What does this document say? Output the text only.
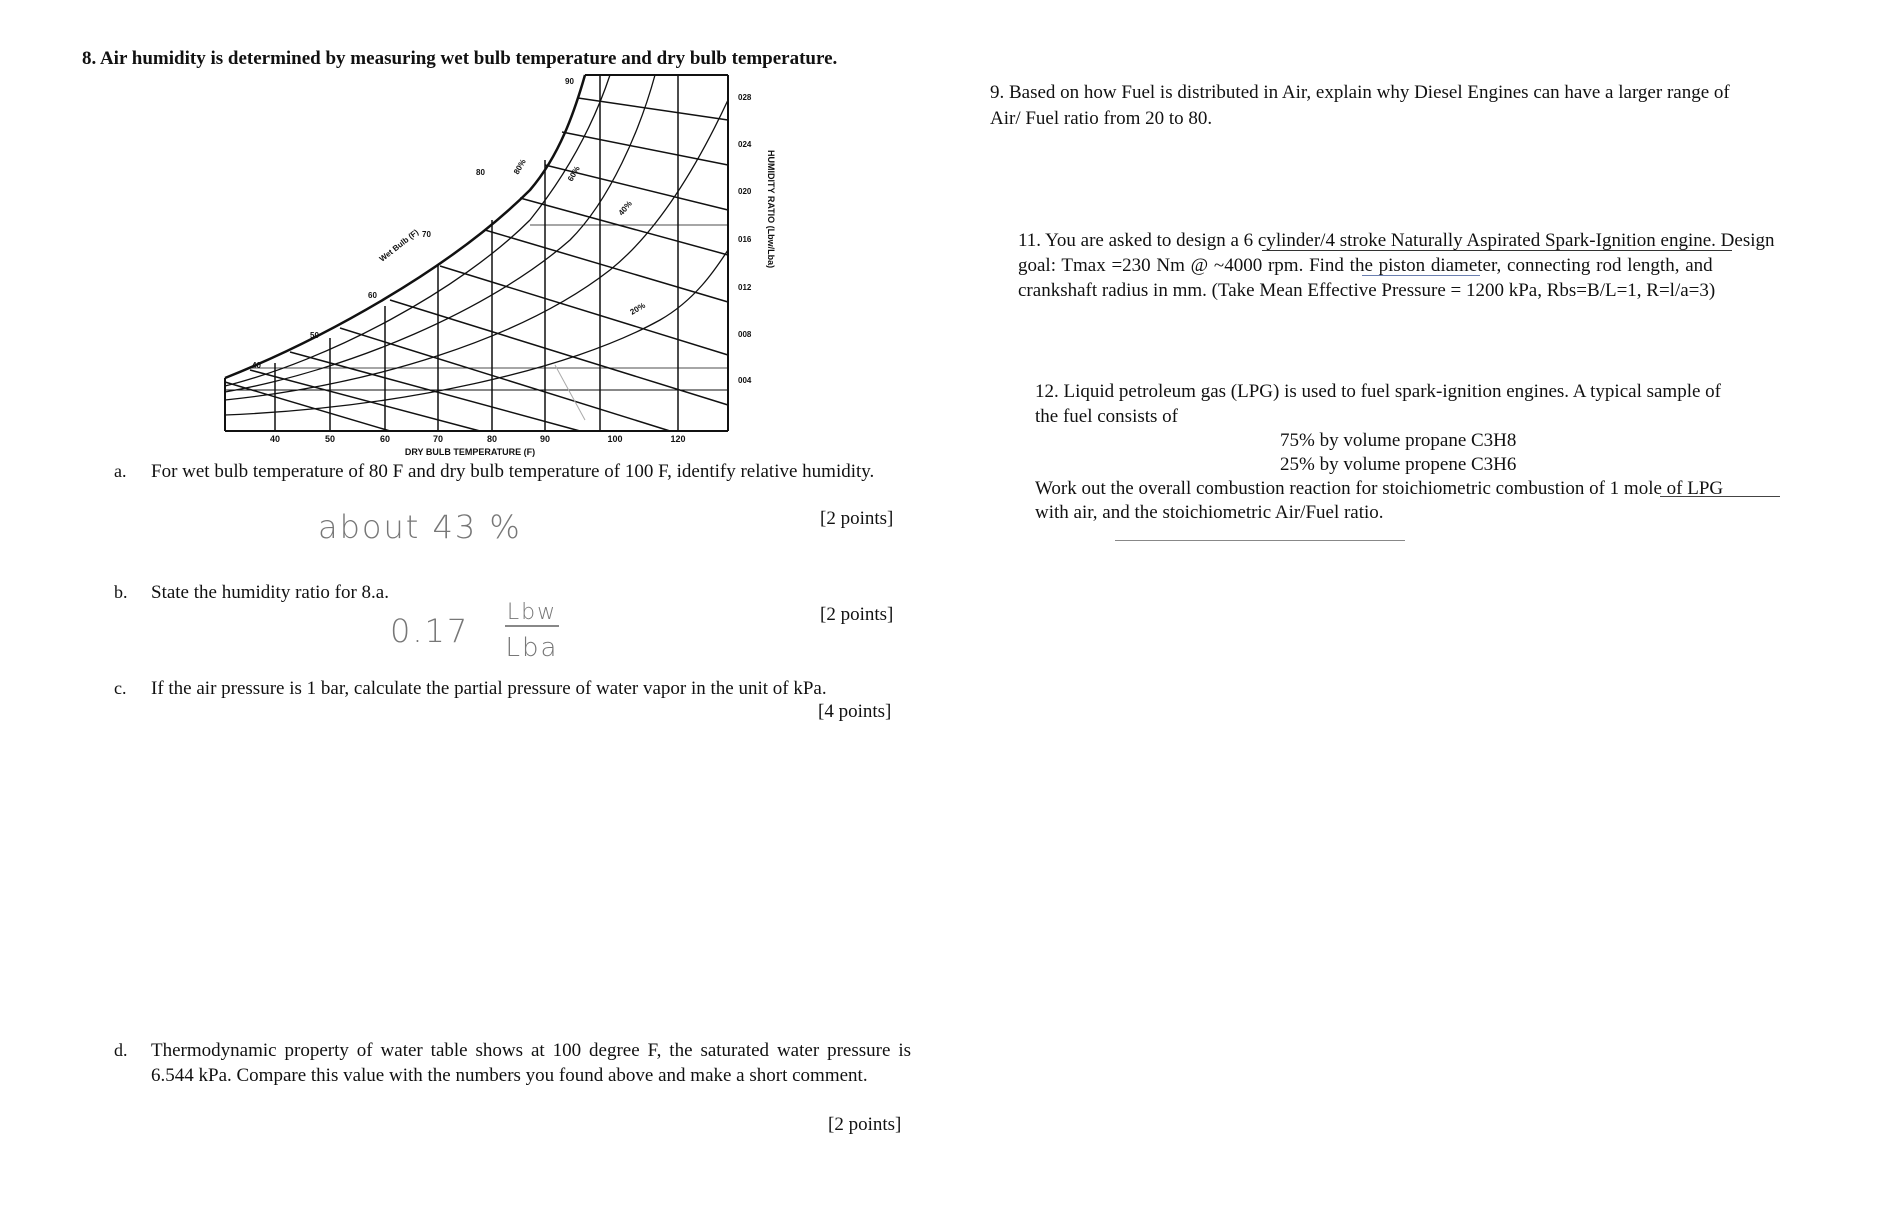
8. Air humidity is determined by measuring wet bulb temperature and dry bulb temperature.
40	50	60	70	80	90	100	120
DRY BULB TEMPERATURE (F)
028
024
020
016
012
008
004
HUMIDITY RATIO (Lbw/Lba)
90
80
70
60
50
40
Wet Bulb (F)
80%	60%
40%
20%
a. For wet bulb temperature of 80 F and dry bulb temperature of 100 F, identify relative humidity.
about 43 %	[2 points]
b. State the humidity ratio for 8.a.
0.17 Lbw
Lba
[2 points]
c. If the air pressure is 1 bar, calculate the partial pressure of water vapor in the unit of kPa.
[4 points]
d. Thermodynamic property of water table shows at 100 degree F, the saturated water pressure is 6.544 kPa. Compare this value with the numbers you found above and make a short comment.
[2 points]
9. Based on how Fuel is distributed in Air, explain why Diesel Engines can have a larger range of
Air/ Fuel ratio from 20 to 80.
11. You are asked to design a 6 cylinder/4 stroke Naturally Aspirated Spark-Ignition engine. Design
goal: Tmax =230 Nm @ ~4000 rpm. Find the piston diameter, connecting rod length, and
crankshaft radius in mm. (Take Mean Effective Pressure = 1200 kPa, Rbs=B/L=1, R=l/a=3)
12. Liquid petroleum gas (LPG) is used to fuel spark-ignition engines. A typical sample of
the fuel consists of
75% by volume propane C3H8
25% by volume propene C3H6
Work out the overall combustion reaction for stoichiometric combustion of 1 mole of LPG
with air, and the stoichiometric Air/Fuel ratio.
